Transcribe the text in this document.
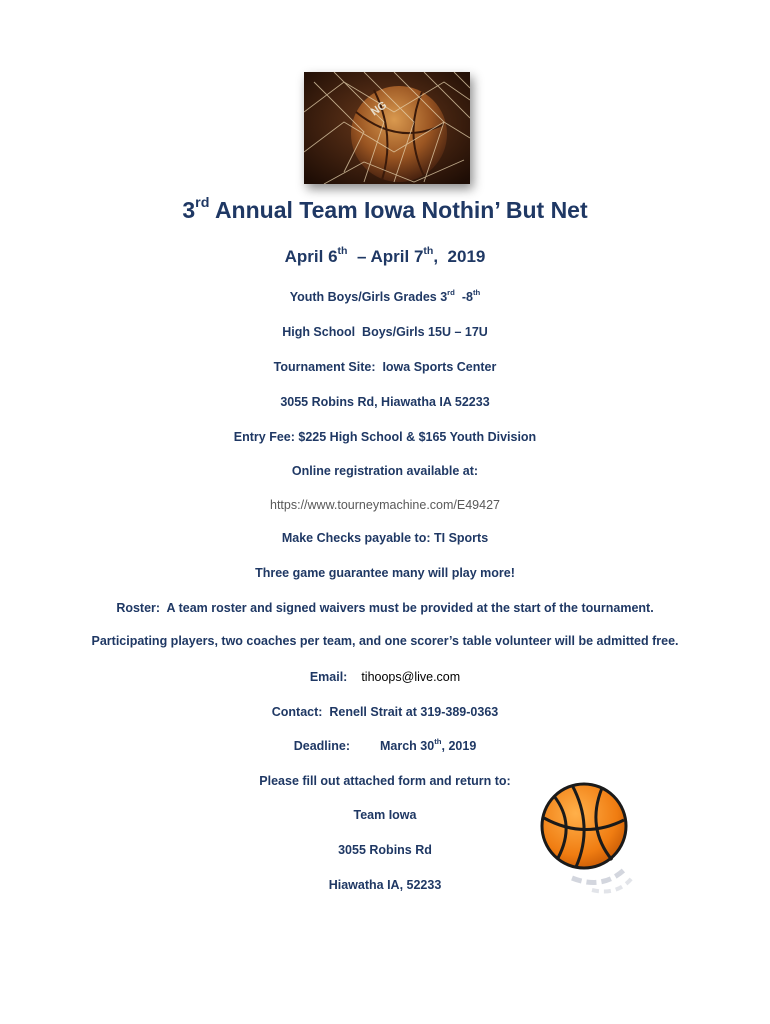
NG
3rd Annual Team Iowa Nothin’ But Net
April 6th  – April 7th,  2019
Youth Boys/Girls Grades 3rd  -8th
High School  Boys/Girls 15U – 17U
Tournament Site:  Iowa Sports Center
3055 Robins Rd, Hiawatha IA 52233
Entry Fee: $225 High School & $165 Youth Division
Online registration available at:
https://www.tourneymachine.com/E49427
Make Checks payable to: TI Sports
Three game guarantee many will play more!
Roster:  A team roster and signed waivers must be provided at the start of the tournament.
Participating players, two coaches per team, and one scorer’s table volunteer will be admitted free.
Email: tihoops@live.com
Contact:  Renell Strait at 319-389-0363
Deadline: March 30th, 2019
Please fill out attached form and return to:
Team Iowa
3055 Robins Rd
Hiawatha IA, 52233
